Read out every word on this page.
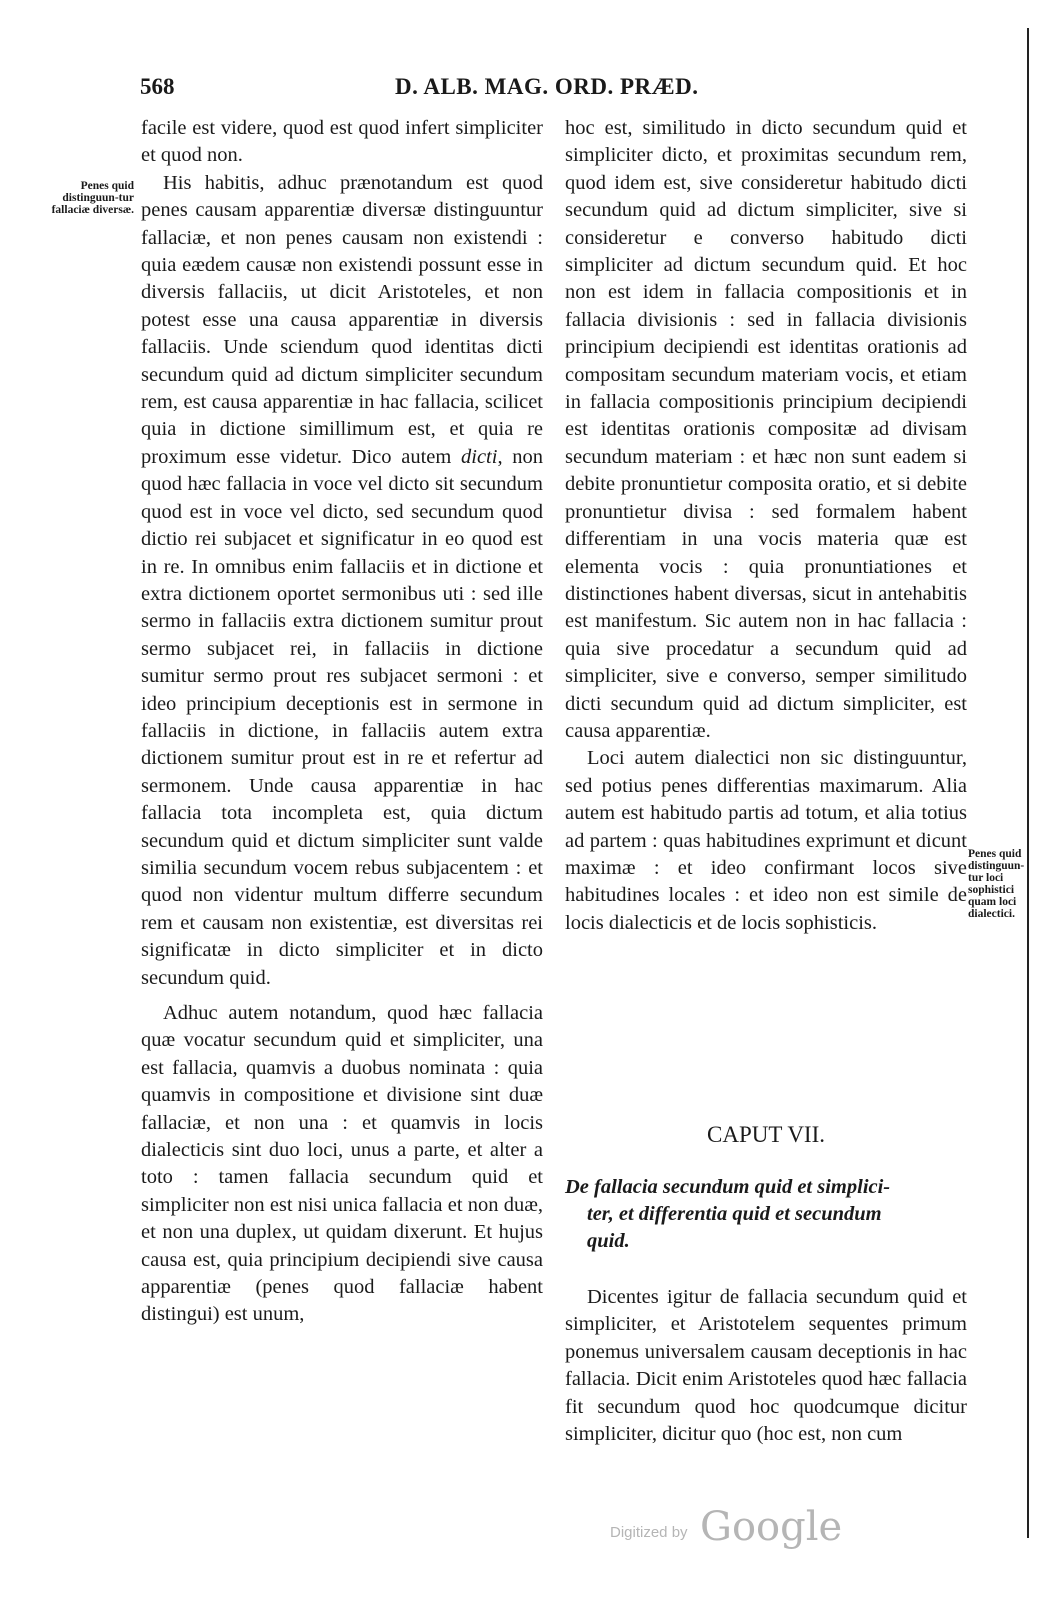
568	D. ALB. MAG. ORD. PRÆD.
Penes quid distinguun-tur fallaciæ diversæ.

facile est videre, quod est quod infert simpliciter et quod non.

His habitis, adhuc prænotandum est quod penes causam apparentiæ diversæ distinguuntur fallaciæ, et non penes causam non existendi : quia eædem causæ non existendi possunt esse in diversis fallaciis, ut dicit Aristoteles, et non potest esse una causa apparentiæ in diversis fallaciis. Unde sciendum quod identitas dicti secundum quid ad dictum simpliciter secundum rem, est causa apparentiæ in hac fallacia, scilicet quia in dictione simillimum est, et quia re proximum esse videtur. Dico autem dicti, non quod hæc fallacia in voce vel dicto sit secundum quod est in voce vel dicto, sed secundum quod dictio rei subjacet et significatur in eo quod est in re. In omnibus enim fallaciis et in dictione et extra dictionem oportet sermonibus uti : sed ille sermo in fallaciis extra dictionem sumitur prout sermo subjacet rei, in fallaciis in dictione sumitur sermo prout res subjacet sermoni : et ideo principium deceptionis est in sermone in fallaciis in dictione, in fallaciis autem extra dictionem sumitur prout est in re et refertur ad sermonem. Unde causa apparentiæ in hac fallacia tota incompleta est, quia dictum secundum quid et dictum simpliciter sunt valde similia secundum vocem rebus subjacentem : et quod non videntur multum differre secundum rem et causam non existentiæ, est diversitas rei significatæ in dicto simpliciter et in dicto secundum quid.

Adhuc autem notandum, quod hæc fallacia quæ vocatur secundum quid et simpliciter, una est fallacia, quamvis a duobus nominata : quia quamvis in compositione et divisione sint duæ fallaciæ, et non una : et quamvis in locis dialecticis sint duo loci, unus a parte, et alter a toto : tamen fallacia secundum quid et simpliciter non est nisi unica fallacia et non duæ, et non una duplex, ut quidam dixerunt. Et hujus causa est, quia principium decipiendi sive causa apparentiæ (penes quod fallaciæ habent distingui) est unum,

hoc est, similitudo in dicto secundum quid et simpliciter dicto, et proximitas secundum rem, quod idem est, sive consideretur habitudo dicti secundum quid ad dictum simpliciter, sive si consideretur e converso habitudo dicti simpliciter ad dictum secundum quid. Et hoc non est idem in fallacia compositionis et in fallacia divisionis : sed in fallacia divisionis principium decipiendi est identitas orationis ad compositam secundum materiam vocis, et etiam in fallacia compositionis principium decipiendi est identitas orationis compositæ ad divisam secundum materiam : et hæc non sunt eadem si debite pronuntietur composita oratio, et si debite pronuntietur divisa : sed formalem habent differentiam in una vocis materia quæ est elementa vocis : quia pronuntiationes et distinctiones habent diversas, sicut in antehabitis est manifestum. Sic autem non in hac fallacia : quia sive procedatur a secundum quid ad simpliciter, sive e converso, semper similitudo dicti secundum quid ad dictum simpliciter, est causa apparentiæ.

Loci autem dialectici non sic distinguuntur, sed potius penes differentias maximarum. Alia autem est habitudo partis ad totum, et alia totius ad partem : quas habitudines exprimunt et dicunt maximæ : et ideo confirmant locos sive habitudines locales : et ideo non est simile de locis dialecticis et de locis sophisticis.

Penes quid distinguun-tur loci sophistici quam loci dialectici.
CAPUT VII.
De fallacia secundum quid et simplici-
ter, et differentia quid et secundum
quid.

Dicentes igitur de fallacia secundum quid et simpliciter, et Aristotelem sequentes primum ponemus universalem causam deceptionis in hac fallacia. Dicit enim Aristoteles quod hæc fallacia fit secundum quod hoc quodcumque dicitur simpliciter, dicitur quo (hoc est, non cum

Digitized by Google
